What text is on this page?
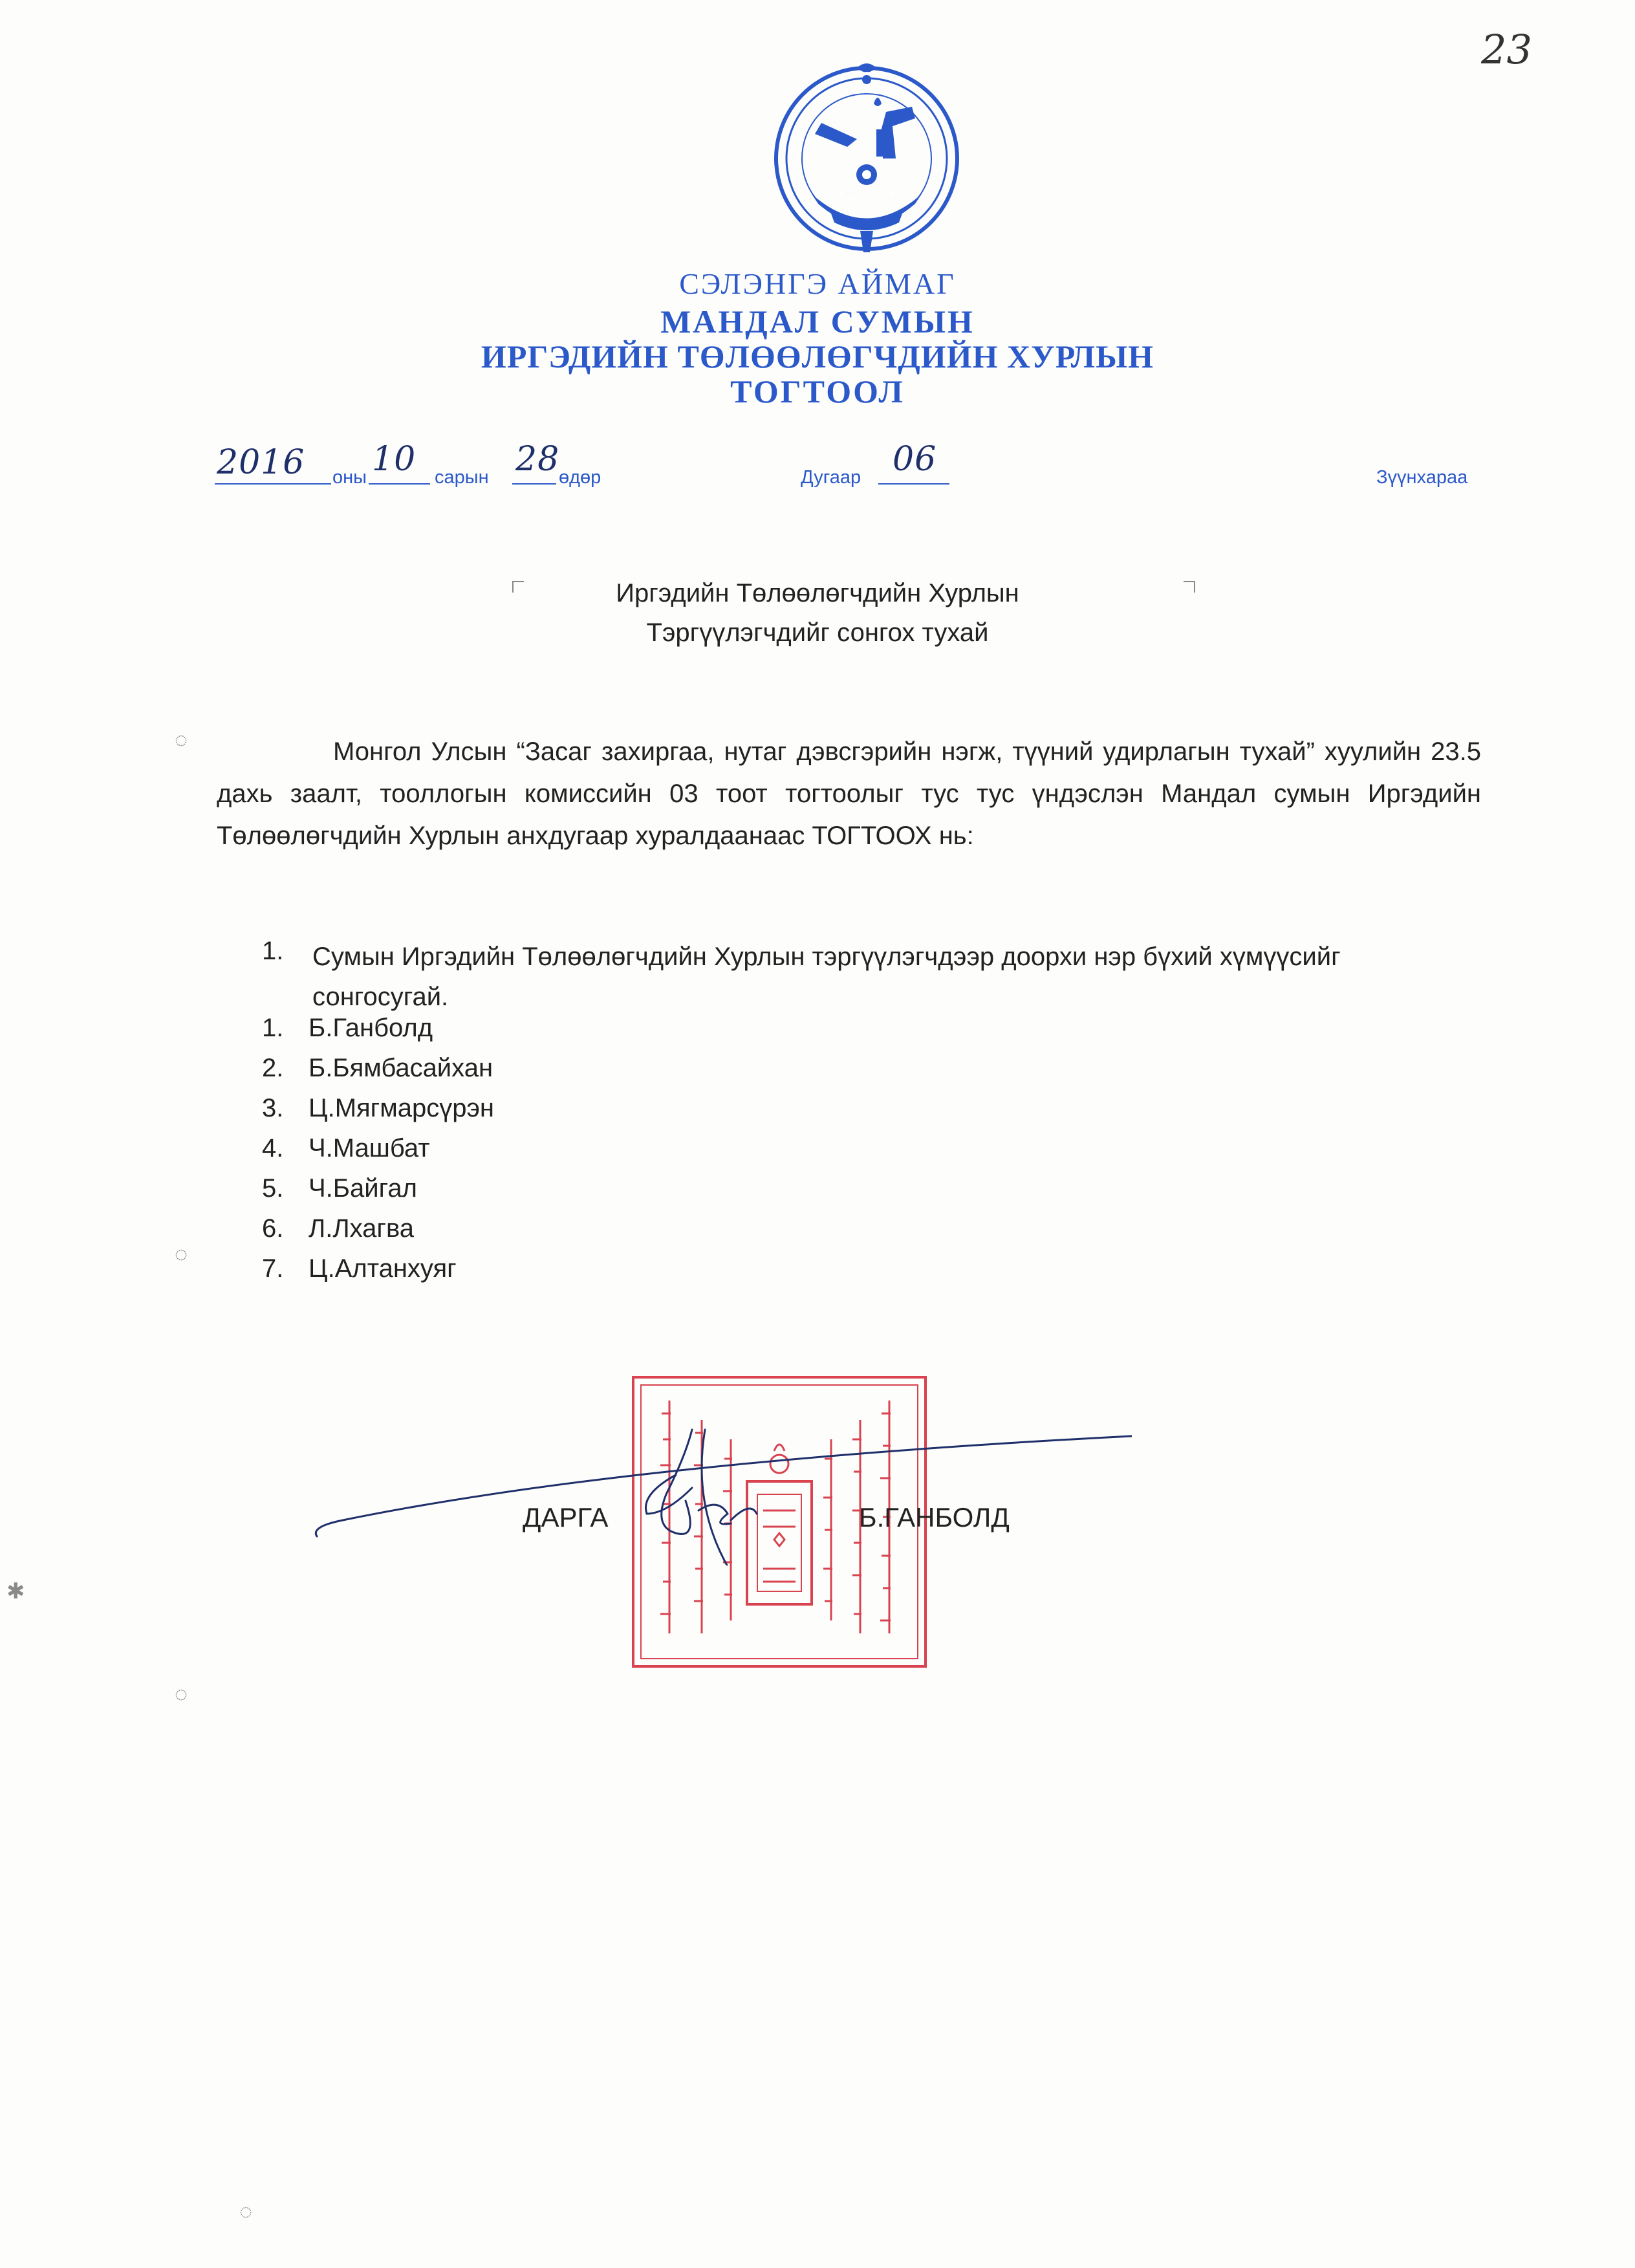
23
СЭЛЭНГЭ АЙМАГ
МАНДАЛ СУМЫН
ИРГЭДИЙН ТӨЛӨӨЛӨГЧДИЙН ХУРЛЫН
ТОГТООЛ
2016 оны 10 сарын 28
өдөр	Дугаар 06	Зүүнхараа
Иргэдийн Төлөөлөгчдийн Хурлын
Тэргүүлэгчдийг сонгох тухай
Монгол Улсын “Засаг захиргаа, нутаг дэвсгэрийн нэгж, түүний удирлагын тухай” хуулийн 23.5 дахь заалт, тооллогын комиссийн 03 тоот тогтоолыг тус тус үндэслэн Мандал сумын Иргэдийн Төлөөлөгчдийн Хурлын анхдугаар хуралдаанаас ТОГТООХ нь:
1. Сумын Иргэдийн Төлөөлөгчдийн Хурлын тэргүүлэгчдээр доорхи нэр бүхий хүмүүсийг сонгосугай.
1. Б.Ганболд
2. Б.Бямбасайхан
3. Ц.Мягмарсүрэн
4. Ч.Машбат
5. Ч.Байгал
6. Л.Лхагва
7. Ц.Алтанхуяг
ДАРГА	Б.ГАНБОЛД
◌
◌
✱
◌
◌
